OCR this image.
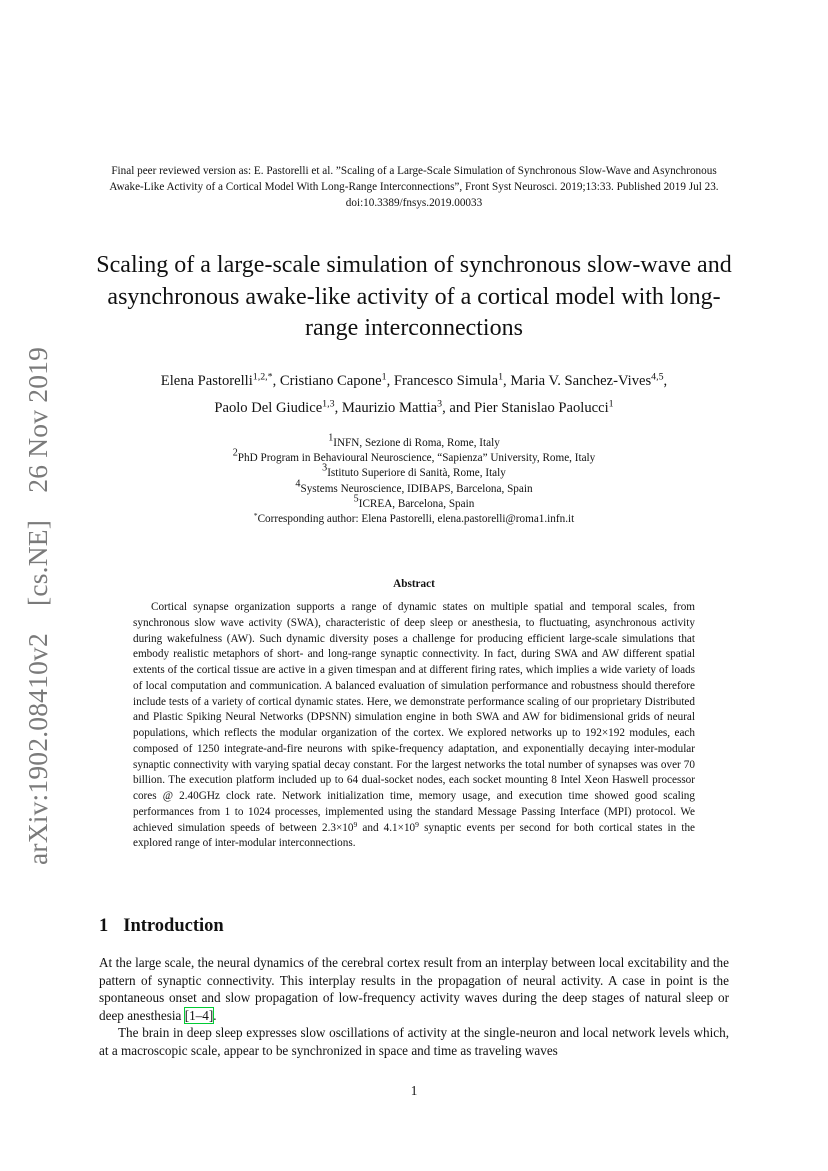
arXiv:1902.08410v2 [cs.NE] 26 Nov 2019
Final peer reviewed version as: E. Pastorelli et al. ”Scaling of a Large-Scale Simulation of Synchronous Slow-Wave and Asynchronous Awake-Like Activity of a Cortical Model With Long-Range Interconnections”, Front Syst Neurosci. 2019;13:33. Published 2019 Jul 23. doi:10.3389/fnsys.2019.00033
Scaling of a large-scale simulation of synchronous slow-wave and asynchronous awake-like activity of a cortical model with long-range interconnections
Elena Pastorelli$^{1,2,*}$, Cristiano Capone$^1$, Francesco Simula$^1$, Maria V. Sanchez-Vives$^{4,5}$,
Paolo Del Giudice$^{1,3}$, Maurizio Mattia$^3$, and Pier Stanislao Paolucci$^1$
$^1$INFN, Sezione di Roma, Rome, Italy
$^2$PhD Program in Behavioural Neuroscience, “Sapienza” University, Rome, Italy
$^3$Istituto Superiore di Sanità, Rome, Italy
$^4$Systems Neuroscience, IDIBAPS, Barcelona, Spain
$^5$ICREA, Barcelona, Spain
*Corresponding author: Elena Pastorelli, elena.pastorelli@roma1.infn.it
Abstract

Cortical synapse organization supports a range of dynamic states on multiple spatial and temporal scales, from synchronous slow wave activity (SWA), characteristic of deep sleep or anesthesia, to fluctuating, asynchronous activity during wakefulness (AW). Such dynamic diversity poses a challenge for producing efficient large-scale simulations that embody realistic metaphors of short- and long-range synaptic connectivity. In fact, during SWA and AW different spatial extents of the cortical tissue are active in a given timespan and at different firing rates, which implies a wide variety of loads of local computation and communication. A balanced evaluation of simulation performance and robustness should therefore include tests of a variety of cortical dynamic states. Here, we demonstrate performance scaling of our proprietary Distributed and Plastic Spiking Neural Networks (DPSNN) simulation engine in both SWA and AW for bidimensional grids of neural populations, which reflects the modular organization of the cortex. We explored networks up to 192×192 modules, each composed of 1250 integrate-and-fire neurons with spike-frequency adaptation, and exponentially decaying inter-modular synaptic connectivity with varying spatial decay constant. For the largest networks the total number of synapses was over 70 billion. The execution platform included up to 64 dual-socket nodes, each socket mounting 8 Intel Xeon Haswell processor cores @ 2.40GHz clock rate. Network initialization time, memory usage, and execution time showed good scaling performances from 1 to 1024 processes, implemented using the standard Message Passing Interface (MPI) protocol. We achieved simulation speeds of between $2.3\times 10^9$ and $4.1\times 10^9$ synaptic events per second for both cortical states in the explored range of inter-modular interconnections.

1 Introduction

At the large scale, the neural dynamics of the cerebral cortex result from an interplay between local excitability and the pattern of synaptic connectivity. This interplay results in the propagation of neural activity. A case in point is the spontaneous onset and slow propagation of low-frequency activity waves during the deep stages of natural sleep or deep anesthesia [1–4].

The brain in deep sleep expresses slow oscillations of activity at the single-neuron and local network levels which, at a macroscopic scale, appear to be synchronized in space and time as traveling waves

1
